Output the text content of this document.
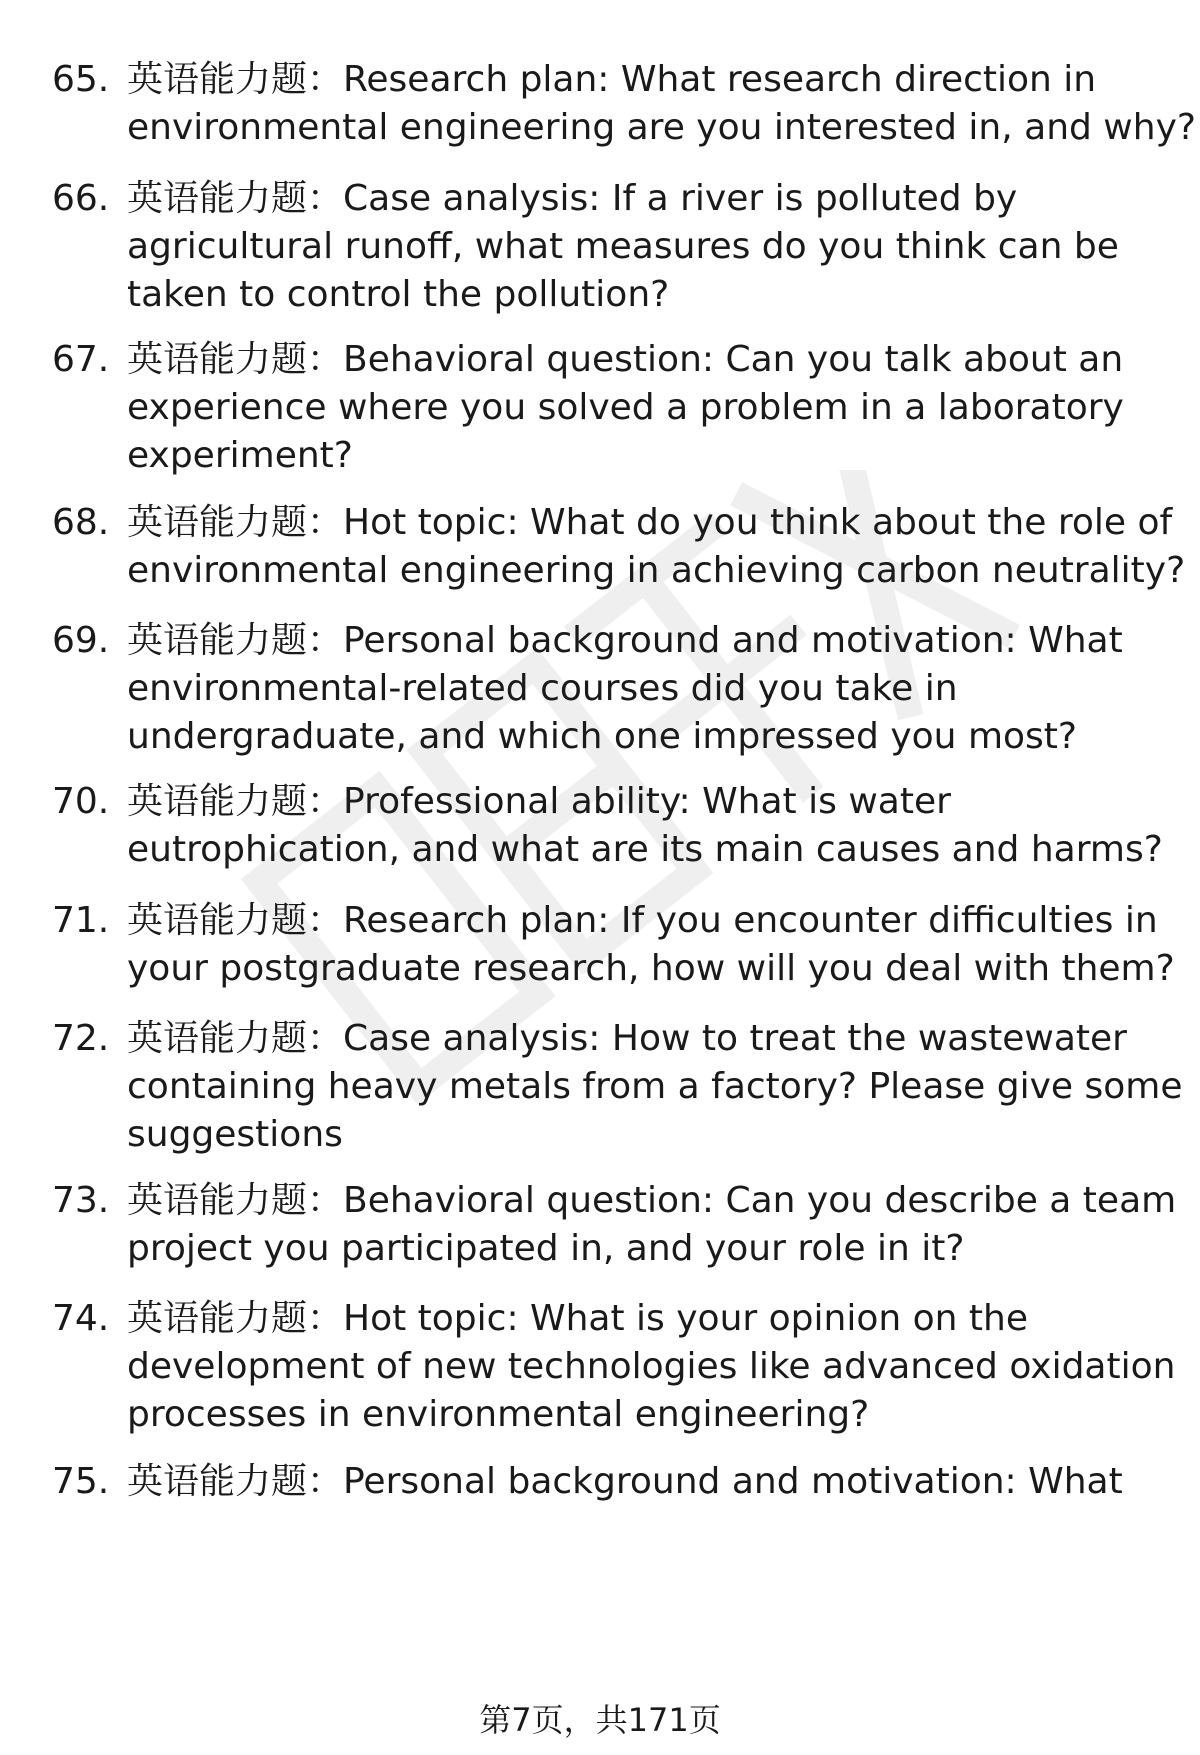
65. 英语能力题：Research plan: What research direction in environmental engineering are you interested in, and why?
66. 英语能力题：Case analysis: If a river is polluted by agricultural runoff, what measures do you think can be taken to control the pollution?
67. 英语能力题：Behavioral question: Can you talk about an experience where you solved a problem in a laboratory experiment?
68. 英语能力题：Hot topic: What do you think about the role of environmental engineering in achieving carbon neutrality?
69. 英语能力题：Personal background and motivation: What environmental-related courses did you take in undergraduate, and which one impressed you most?
70. 英语能力题：Professional ability: What is water eutrophication, and what are its main causes and harms?
71. 英语能力题：Research plan: If you encounter difficulties in your postgraduate research, how will you deal with them?
72. 英语能力题：Case analysis: How to treat the wastewater containing heavy metals from a factory? Please give some suggestions
73. 英语能力题：Behavioral question: Can you describe a team project you participated in, and your role in it?
74. 英语能力题：Hot topic: What is your opinion on the development of new technologies like advanced oxidation processes in environmental engineering?
75. 英语能力题：Personal background and motivation: What
第7页，共171页
